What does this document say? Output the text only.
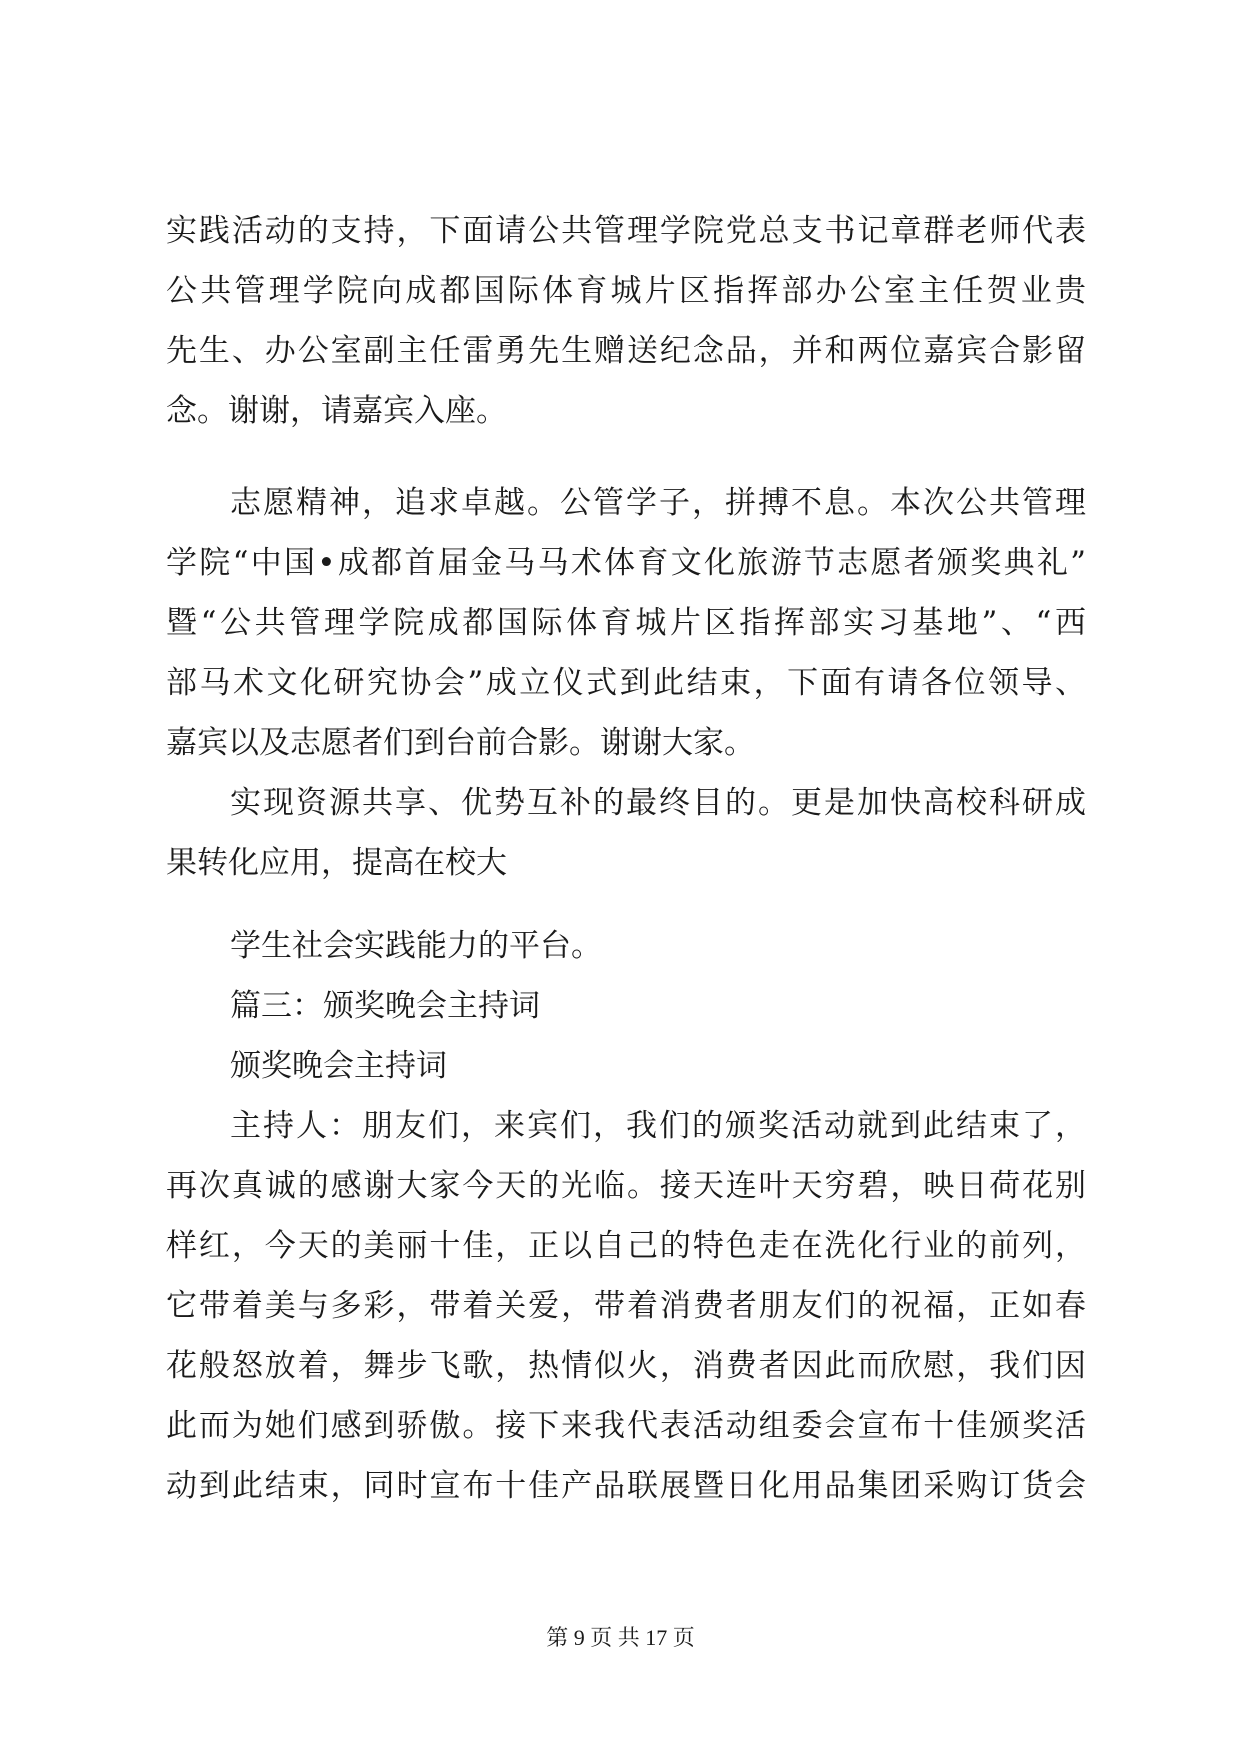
实践活动的支持，下面请公共管理学院党总支书记章群老师代表
公共管理学院向成都国际体育城片区指挥部办公室主任贺业贵
先生、办公室副主任雷勇先生赠送纪念品，并和两位嘉宾合影留
念。谢谢，请嘉宾入座。
志愿精神，追求卓越。公管学子，拼搏不息。本次公共管理
学院“中国•成都首届金马马术体育文化旅游节志愿者颁奖典礼”
暨“公共管理学院成都国际体育城片区指挥部实习基地”、“西
部马术文化研究协会”成立仪式到此结束，下面有请各位领导、
嘉宾以及志愿者们到台前合影。谢谢大家。
实现资源共享、优势互补的最终目的。更是加快高校科研成
果转化应用，提高在校大
学生社会实践能力的平台。
篇三：颁奖晚会主持词
颁奖晚会主持词
主持人：朋友们，来宾们，我们的颁奖活动就到此结束了，
再次真诚的感谢大家今天的光临。接天连叶天穷碧，映日荷花别
样红，今天的美丽十佳，正以自己的特色走在洗化行业的前列，
它带着美与多彩，带着关爱，带着消费者朋友们的祝福，正如春
花般怒放着，舞步飞歌，热情似火，消费者因此而欣慰，我们因
此而为她们感到骄傲。接下来我代表活动组委会宣布十佳颁奖活
动到此结束，同时宣布十佳产品联展暨日化用品集团采购订货会
第 9 页 共 17 页
